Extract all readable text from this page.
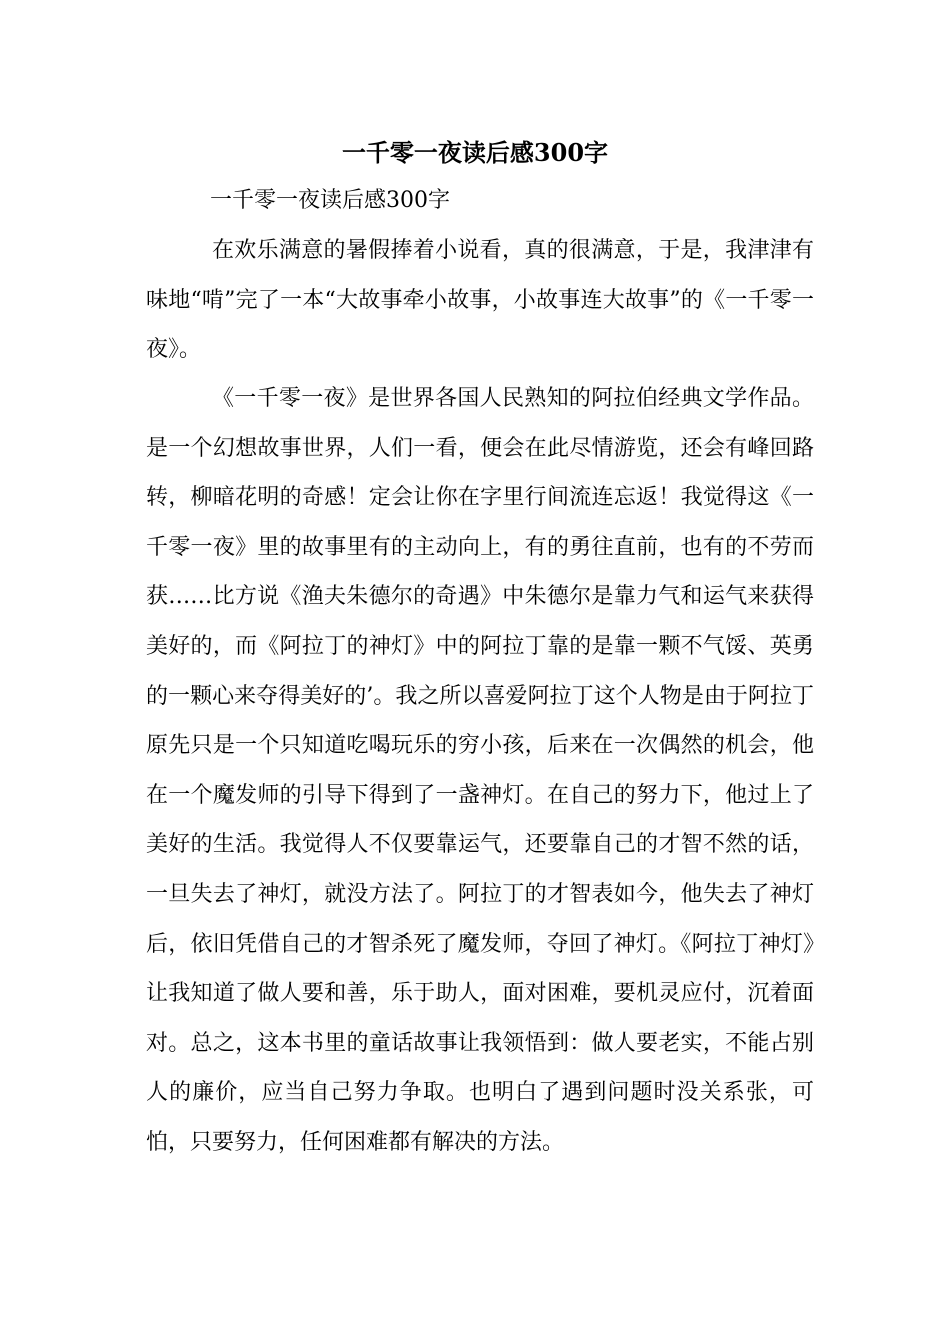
一千零一夜读后感300字

一千零一夜读后感300字

在欢乐满意的暑假捧着小说看，真的很满意，于是，我津津有味地“啃”完了一本“大故事牵小故事，小故事连大故事”的《一千零一夜》。

《一千零一夜》是世界各国人民熟知的阿拉伯经典文学作品。是一个幻想故事世界，人们一看，便会在此尽情游览，还会有峰回路转，柳暗花明的奇感！定会让你在字里行间流连忘返！我觉得这《一千零一夜》里的故事里有的主动向上，有的勇往直前，也有的不劳而获……比方说《渔夫朱德尔的奇遇》中朱德尔是靠力气和运气来获得美好的，而《阿拉丁的神灯》中的阿拉丁靠的是靠一颗不气馁、英勇的一颗心来夺得美好的’。我之所以喜爱阿拉丁这个人物是由于阿拉丁原先只是一个只知道吃喝玩乐的穷小孩，后来在一次偶然的机会，他在一个魔发师的引导下得到了一盏神灯。在自己的努力下，他过上了美好的生活。我觉得人不仅要靠运气，还要靠自己的才智不然的话，一旦失去了神灯，就没方法了。阿拉丁的才智表如今，他失去了神灯后，依旧凭借自己的才智杀死了魔发师，夺回了神灯。《阿拉丁神灯》让我知道了做人要和善，乐于助人，面对困难，要机灵应付，沉着面对。总之，这本书里的童话故事让我领悟到：做人要老实，不能占别人的廉价，应当自己努力争取。也明白了遇到问题时没关系张，可怕，只要努力，任何困难都有解决的方法。
